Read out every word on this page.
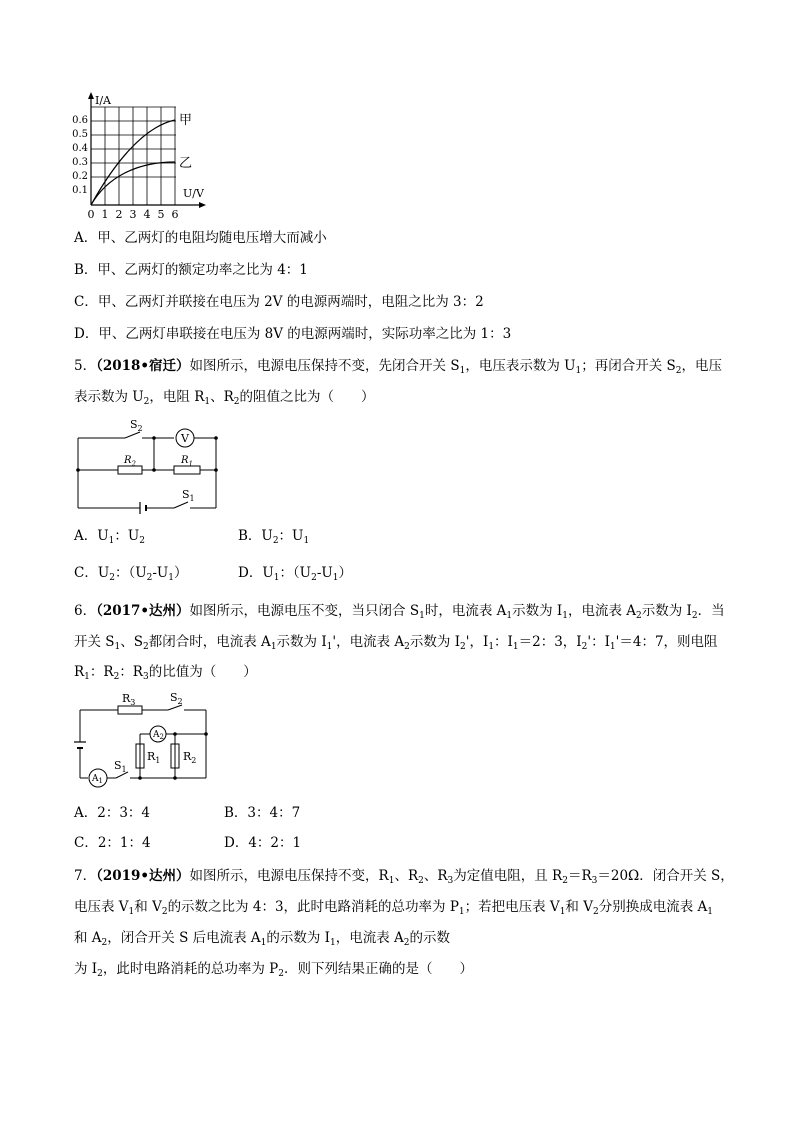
I/A
U/V
0.6
0.5
0.4
0.3
0.2
0.1
0 1 2 3 4 5 6
甲
乙
A．甲、乙两灯的电阻均随电压增大而减小
B．甲、乙两灯的额定功率之比为 4：1
C．甲、乙两灯并联接在电压为 2V 的电源两端时，电阻之比为 3：2
D．甲、乙两灯串联接在电压为 8V 的电源两端时，实际功率之比为 1：3
5．（2018•宿迁）如图所示，电源电压保持不变，先闭合开关 $S_1$，电压表示数为 $U_1$；再闭合开关 $S_2$，电压
表示数为 $U_2$，电阻 $R_1$、$R_2$的阻值之比为（　　）
$S_2$
V
$R_2$	$R_1$
$S_1$
A．$U_1$：$U_2$	B．$U_2$：$U_1$
C．$U_2$：$(U_2-U_1)$	D．$U_1$：$(U_2-U_1)$
6．（2017•达州）如图所示，电源电压不变，当只闭合 $S_1$时，电流表 $A_1$示数为 $I_1$，电流表 $A_2$示数为 $I_2$．当
开关 $S_1$、$S_2$都闭合时，电流表 $A_1$示数为 $I_1'$，电流表 $A_2$示数为 $I_2'$，$I_1$：$I_1=2$：3，$I_2'$：$I_1'=4$：7，则电阻
$R_1$：$R_2$：$R_3$的比值为（　　）
$R_3$	$S_2$
$A_2$
$R_1$ $R_2$
$A_1$
$S_1$
A．2：3：4	B．3：4：7
C．2：1：4	D．4：2：1
7．（2019•达州）如图所示，电源电压保持不变，$R_1$、$R_2$、$R_3$为定值电阻，且 $R_2=R_3=20\Omega$．闭合开关 S，
电压表 $V_1$和 $V_2$的示数之比为 4：3，此时电路消耗的总功率为 $P_1$；若把电压表 $V_1$和 $V_2$分别换成电流表 $A_1$
和 $A_2$，闭合开关 S 后电流表 $A_1$的示数为 $I_1$，电流表 $A_2$的示数
为 $I_2$，此时电路消耗的总功率为 $P_2$．则下列结果正确的是（　　）
